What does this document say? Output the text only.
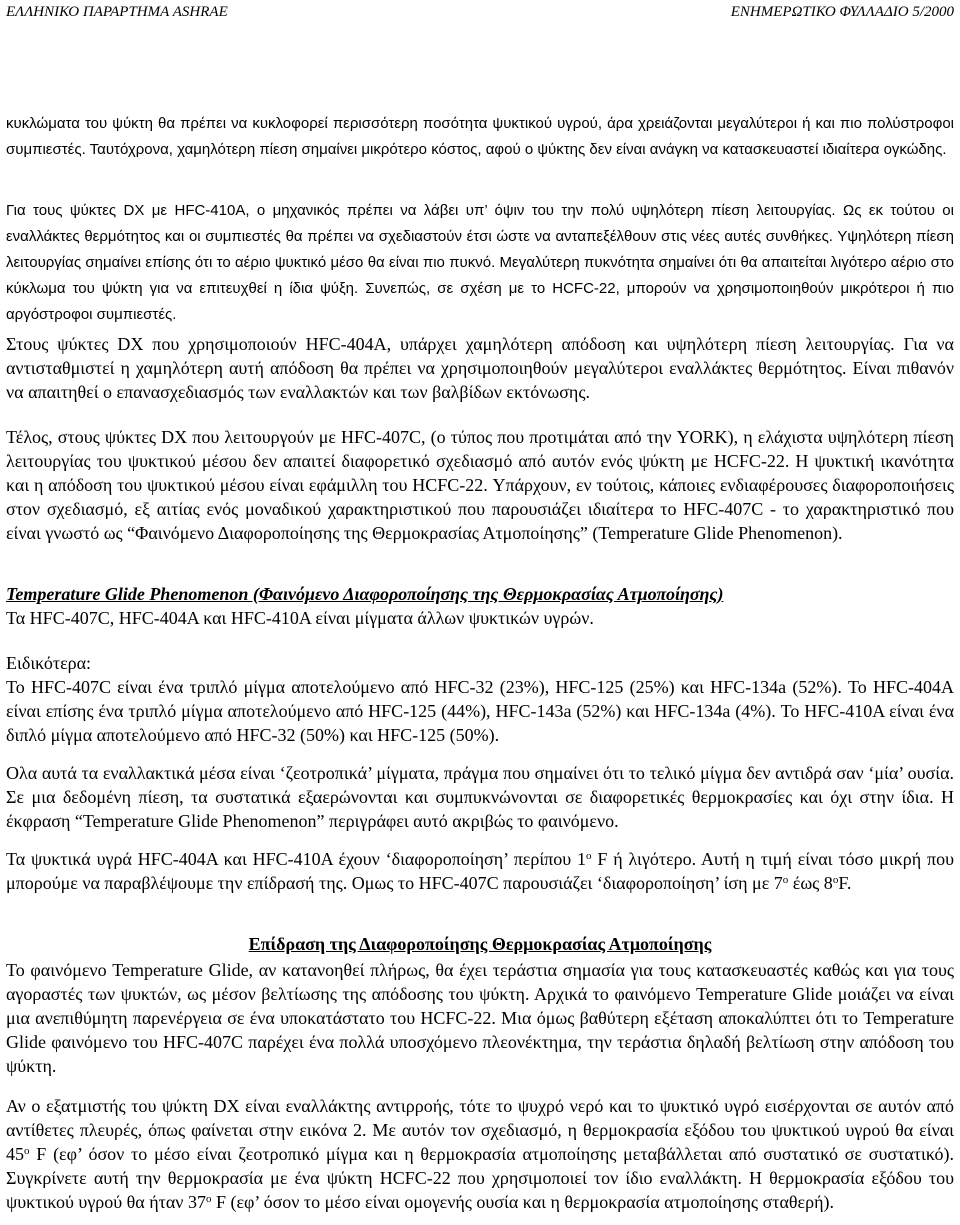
ΕΛΛΗΝΙΚΟ ΠΑΡΑΡΤΗΜΑ ASHRAE	ΕΝΗΜΕΡΩΤΙΚΟ ΦΥΛΛΑΔΙΟ 5/2000

κυκλώματα του ψύκτη θα πρέπει να κυκλοφορεί περισσότερη ποσότητα ψυκτικού υγρού, άρα χρειάζονται μεγαλύτεροι ή και πιο πολύστροφοι συμπιεστές. Ταυτόχρονα, χαμηλότερη πίεση σημαίνει μικρότερο κόστος, αφού ο ψύκτης δεν είναι ανάγκη να κατασκευαστεί ιδιαίτερα ογκώδης.

Για τους ψύκτες DX με HFC-410A, ο μηχανικός πρέπει να λάβει υπ’ όψιν του την πολύ υψηλότερη πίεση λειτουργίας. Ως εκ τούτου οι εναλλάκτες θερμότητος και οι συμπιεστές θα πρέπει να σχεδιαστούν έτσι ώστε να ανταπεξέλθουν στις νέες αυτές συνθήκες. Υψηλότερη πίεση λειτουργίας σημαίνει επίσης ότι το αέριο ψυκτικό μέσο θα είναι πιο πυκνό. Μεγαλύτερη πυκνότητα σημαίνει ότι θα απαιτείται λιγότερο αέριο στο κύκλωμα του ψύκτη για να επιτευχθεί η ίδια ψύξη. Συνεπώς, σε σχέση με το HCFC-22, μπορούν να χρησιμοποιηθούν μικρότεροι ή πιο αργόστροφοι συμπιεστές.

Στους ψύκτες DX που χρησιμοποιούν HFC-404A, υπάρχει χαμηλότερη απόδοση και υψηλότερη πίεση λειτουργίας. Για να αντισταθμιστεί η χαμηλότερη αυτή απόδοση θα πρέπει να χρησιμοποιηθούν μεγαλύτεροι εναλλάκτες θερμότητος. Είναι πιθανόν να απαιτηθεί ο επανασχεδιασμός των εναλλακτών και των βαλβίδων εκτόνωσης.

Τέλος, στους ψύκτες DX που λειτουργούν με HFC-407C, (ο τύπος που προτιμάται από την YORK), η ελάχιστα υψηλότερη πίεση λειτουργίας του ψυκτικού μέσου δεν απαιτεί διαφορετικό σχεδιασμό από αυτόν ενός ψύκτη με HCFC-22. Η ψυκτική ικανότητα και η απόδοση του ψυκτικού μέσου είναι εφάμιλλη του HCFC-22. Υπάρχουν, εν τούτοις, κάποιες ενδιαφέρουσες διαφοροποιήσεις στον σχεδιασμό, εξ αιτίας ενός μοναδικού χαρακτηριστικού που παρουσιάζει ιδιαίτερα το HFC-407C - το χαρακτηριστικό που είναι γνωστό ως “Φαινόμενο Διαφοροποίησης της Θερμοκρασίας Ατμοποίησης” (Temperature Glide Phenomenon).

Temperature Glide Phenomenon (Φαινόμενο Διαφοροποίησης της Θερμοκρασίας Ατμοποίησης)
Τα HFC-407C, HFC-404A και HFC-410A είναι μίγματα άλλων ψυκτικών υγρών.
Ειδικότερα:
Το HFC-407C είναι ένα τριπλό μίγμα αποτελούμενο από HFC-32 (23%), HFC-125 (25%) και HFC-134a (52%). Το HFC-404A είναι επίσης ένα τριπλό μίγμα αποτελούμενο από HFC-125 (44%), HFC-143a (52%) και HFC-134a (4%). Το HFC-410A είναι ένα διπλό μίγμα αποτελούμενο από HFC-32 (50%) και HFC-125 (50%).

Ολα αυτά τα εναλλακτικά μέσα είναι ‘ζεοτροπικά’ μίγματα, πράγμα που σημαίνει ότι το τελικό μίγμα δεν αντιδρά σαν ‘μία’ ουσία. Σε μια δεδομένη πίεση, τα συστατικά εξαερώνονται και συμπυκνώνονται σε διαφορετικές θερμοκρασίες και όχι στην ίδια. Η έκφραση “Temperature Glide Phenomenon” περιγράφει αυτό ακριβώς το φαινόμενο.

Τα ψυκτικά υγρά HFC-404A και HFC-410A έχουν ‘διαφοροποίηση’ περίπου 1$^o$ F ή λιγότερο. Αυτή η τιμή είναι τόσο μικρή που μπορούμε να παραβλέψουμε την επίδρασή της. Ομως το HFC-407C παρουσιάζει ‘διαφοροποίηση’ ίση με 7$^o$ έως 8$^o$F.

Επίδραση της Διαφοροποίησης Θερμοκρασίας Ατμοποίησης

Το φαινόμενο Temperature Glide, αν κατανοηθεί πλήρως, θα έχει τεράστια σημασία για τους κατασκευαστές καθώς και για τους αγοραστές των ψυκτών, ως μέσον βελτίωσης της απόδοσης του ψύκτη. Αρχικά το φαινόμενο Temperature Glide μοιάζει να είναι μια ανεπιθύμητη παρενέργεια σε ένα υποκατάστατο του HCFC-22. Μια όμως βαθύτερη εξέταση αποκαλύπτει ότι το Temperature Glide φαινόμενο του HFC-407C παρέχει ένα πολλά υποσχόμενο πλεονέκτημα, την τεράστια δηλαδή βελτίωση στην απόδοση του ψύκτη.

Αν ο εξατμιστής του ψύκτη DX είναι εναλλάκτης αντιρροής, τότε το ψυχρό νερό και το ψυκτικό υγρό εισέρχονται σε αυτόν από αντίθετες πλευρές, όπως φαίνεται στην εικόνα 2. Με αυτόν τον σχεδιασμό, η θερμοκρασία εξόδου του ψυκτικού υγρού θα είναι 45$^o$ F (εφ’ όσον το μέσο είναι ζεοτροπικό μίγμα και η θερμοκρασία ατμοποίησης μεταβάλλεται από συστατικό σε συστατικό). Συγκρίνετε αυτή την θερμοκρασία με ένα ψύκτη HCFC-22 που χρησιμοποιεί τον ίδιο εναλλάκτη. Η θερμοκρασία εξόδου του ψυκτικού υγρού θα ήταν 37$^o$ F (εφ’ όσον το μέσο είναι ομογενής ουσία και η θερμοκρασία ατμοποίησης σταθερή).
